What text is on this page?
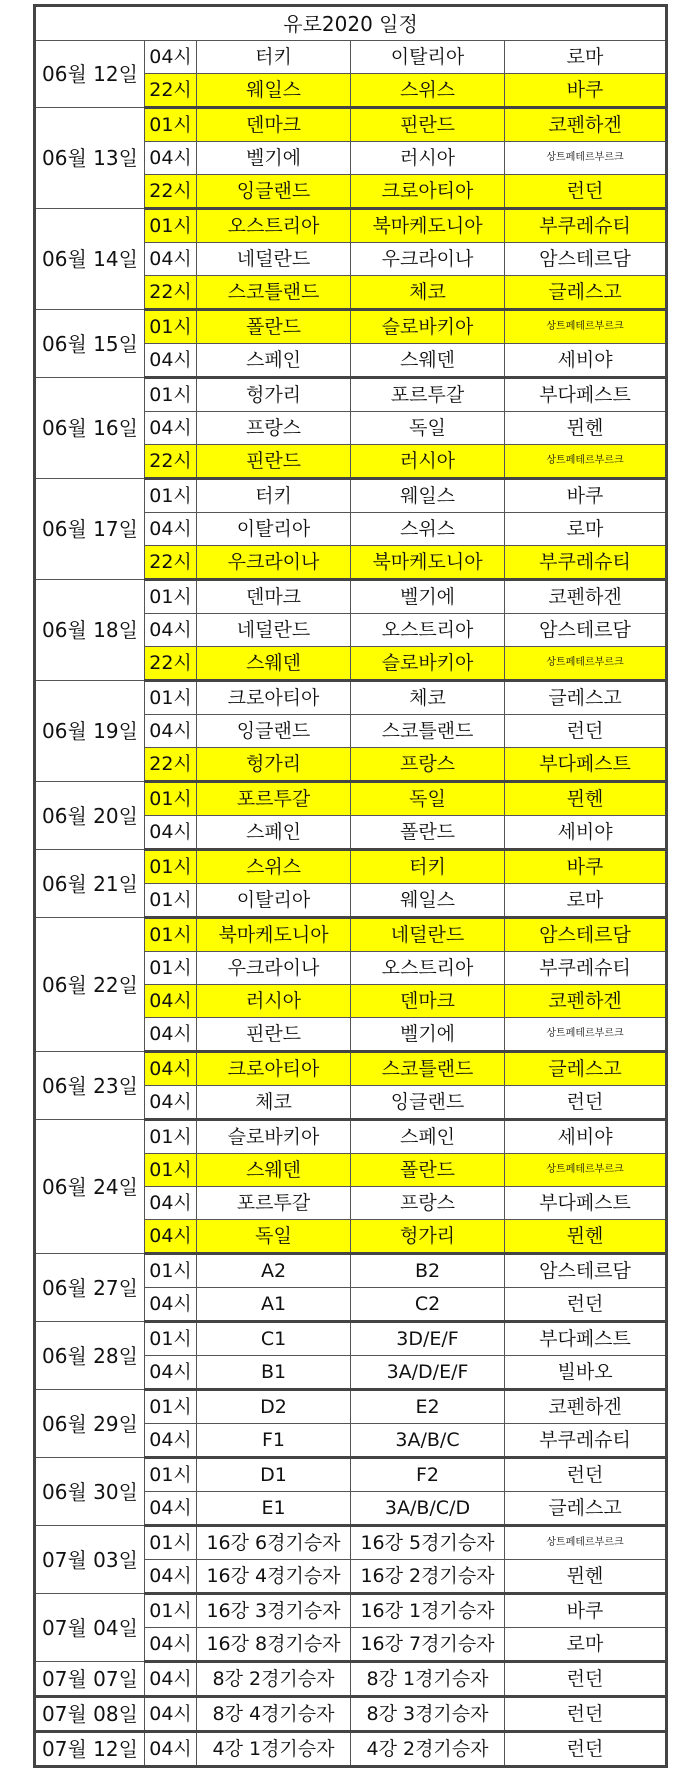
유로2020 일정				
06월 12일	04시	터키	이탈리아	로마
	22시	웨일스	스위스	바쿠
06월 13일	01시	덴마크	핀란드	코펜하겐
	04시	벨기에	러시아	상트페테르부르크
	22시	잉글랜드	크로아티아	런던
06월 14일	01시	오스트리아	북마케도니아	부쿠레슈티
	04시	네덜란드	우크라이나	암스테르담
	22시	스코틀랜드	체코	글레스고
06월 15일	01시	폴란드	슬로바키아	상트페테르부르크
	04시	스페인	스웨덴	세비야
06월 16일	01시	헝가리	포르투갈	부다페스트
	04시	프랑스	독일	뮌헨
	22시	핀란드	러시아	상트페테르부르크
06월 17일	01시	터키	웨일스	바쿠
	04시	이탈리아	스위스	로마
	22시	우크라이나	북마케도니아	부쿠레슈티
06월 18일	01시	덴마크	벨기에	코펜하겐
	04시	네덜란드	오스트리아	암스테르담
	22시	스웨덴	슬로바키아	상트페테르부르크
06월 19일	01시	크로아티아	체코	글레스고
	04시	잉글랜드	스코틀랜드	런던
	22시	헝가리	프랑스	부다페스트
06월 20일	01시	포르투갈	독일	뮌헨
	04시	스페인	폴란드	세비야
06월 21일	01시	스위스	터키	바쿠
	01시	이탈리아	웨일스	로마
06월 22일	01시	북마케도니아	네덜란드	암스테르담
	01시	우크라이나	오스트리아	부쿠레슈티
	04시	러시아	덴마크	코펜하겐
	04시	핀란드	벨기에	상트페테르부르크
06월 23일	04시	크로아티아	스코틀랜드	글레스고
	04시	체코	잉글랜드	런던
06월 24일	01시	슬로바키아	스페인	세비야
	01시	스웨덴	폴란드	상트페테르부르크
	04시	포르투갈	프랑스	부다페스트
	04시	독일	헝가리	뮌헨
06월 27일	01시	A2	B2	암스테르담
	04시	A1	C2	런던
06월 28일	01시	C1	3D/E/F	부다페스트
	04시	B1	3A/D/E/F	빌바오
06월 29일	01시	D2	E2	코펜하겐
	04시	F1	3A/B/C	부쿠레슈티
06월 30일	01시	D1	F2	런던
	04시	E1	3A/B/C/D	글레스고
07월 03일	01시	16강 6경기승자	16강 5경기승자	상트페테르부르크
	04시	16강 4경기승자	16강 2경기승자	뮌헨
07월 04일	01시	16강 3경기승자	16강 1경기승자	바쿠
	04시	16강 8경기승자	16강 7경기승자	로마
07월 07일	04시	8강 2경기승자	8강 1경기승자	런던
07월 08일	04시	8강 4경기승자	8강 3경기승자	런던
07월 12일	04시	4강 1경기승자	4강 2경기승자	런던
